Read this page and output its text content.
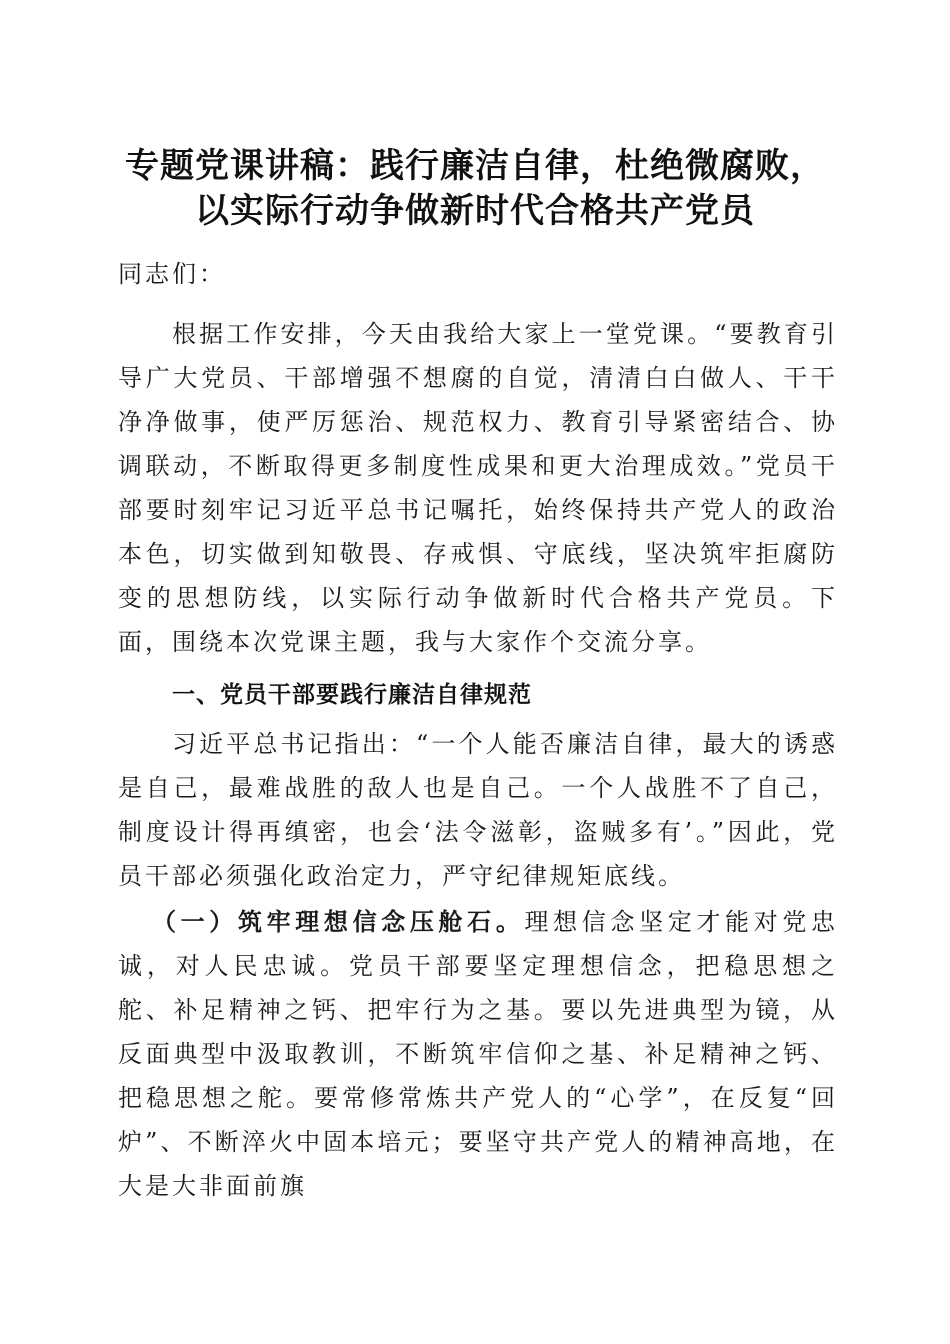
专题党课讲稿：践行廉洁自律，杜绝微腐败，
以实际行动争做新时代合格共产党员
同志们：
根据工作安排，今天由我给大家上一堂党课。“要教育引导广大党员、干部增强不想腐的自觉，清清白白做人、干干净净做事，使严厉惩治、规范权力、教育引导紧密结合、协调联动，不断取得更多制度性成果和更大治理成效。”党员干部要时刻牢记习近平总书记嘱托，始终保持共产党人的政治本色，切实做到知敬畏、存戒惧、守底线，坚决筑牢拒腐防变的思想防线，以实际行动争做新时代合格共产党员。下面，围绕本次党课主题，我与大家作个交流分享。
一、党员干部要践行廉洁自律规范
习近平总书记指出：“一个人能否廉洁自律，最大的诱惑是自己，最难战胜的敌人也是自己。一个人战胜不了自己，制度设计得再缜密，也会‘法令滋彰，盗贼多有’。”因此，党员干部必须强化政治定力，严守纪律规矩底线。
（一）筑牢理想信念压舱石。理想信念坚定才能对党忠诚，对人民忠诚。党员干部要坚定理想信念，把稳思想之舵、补足精神之钙、把牢行为之基。要以先进典型为镜，从反面典型中汲取教训，不断筑牢信仰之基、补足精神之钙、把稳思想之舵。要常修常炼共产党人的“心学”，在反复“回炉”、不断淬火中固本培元；要坚守共产党人的精神高地，在大是大非面前旗
